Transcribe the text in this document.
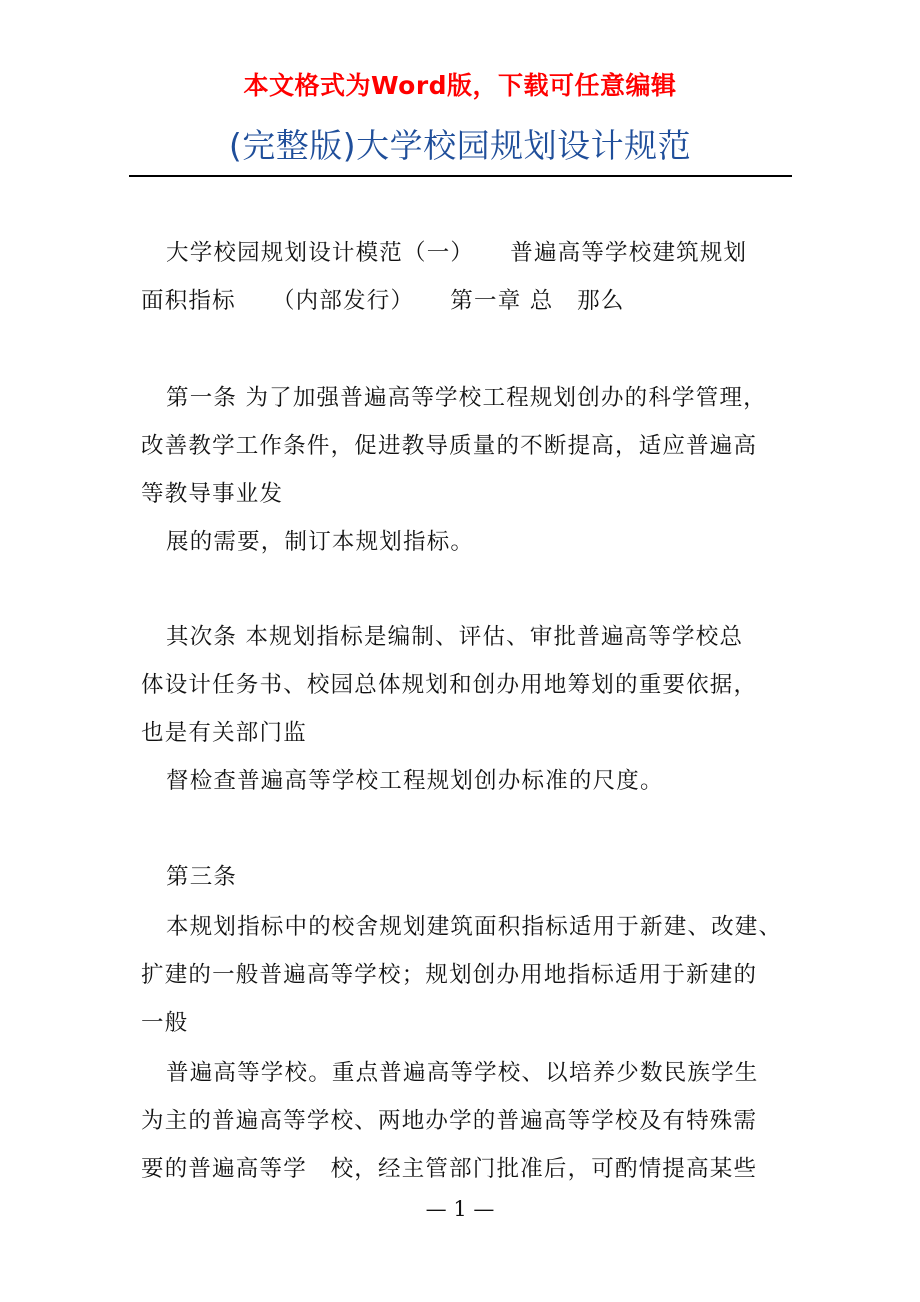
本文格式为Word版，下载可任意编辑
(完整版)大学校园规划设计规范
大学校园规划设计模范（一）　　普遍高等学校建筑规划
面积指标　　（内部发行）　　第一章 总　那么
第一条 为了加强普遍高等学校工程规划创办的科学管理，
改善教学工作条件，促进教导质量的不断提高，适应普遍高
等教导事业发
展的需要，制订本规划指标。
其次条 本规划指标是编制、评估、审批普遍高等学校总
体设计任务书、校园总体规划和创办用地筹划的重要依据，
也是有关部门监
督检查普遍高等学校工程规划创办标准的尺度。
第三条
本规划指标中的校舍规划建筑面积指标适用于新建、改建、
扩建的一般普遍高等学校；规划创办用地指标适用于新建的
一般
普遍高等学校。重点普遍高等学校、以培养少数民族学生
为主的普遍高等学校、两地办学的普遍高等学校及有特殊需
要的普遍高等学　校，经主管部门批准后，可酌情提高某些
— 1 —
